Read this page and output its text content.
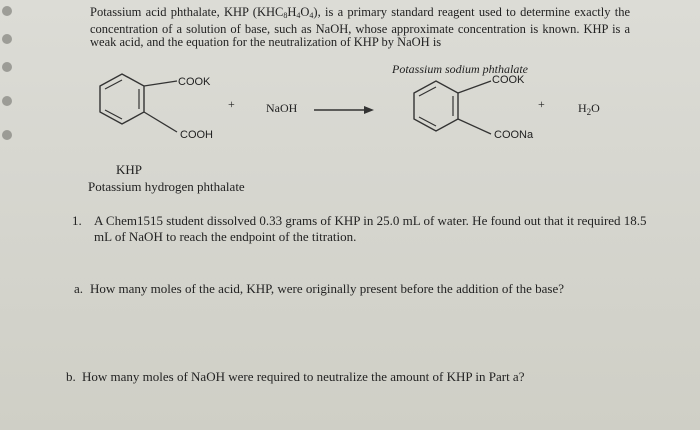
Potassium acid phthalate, KHP $(KHC_8H_4O_4)$, is a primary standard reagent used to determine exactly the concentration of a solution of base, such as NaOH, whose approximate concentration is known. KHP is a weak acid, and the equation for the neutralization of KHP by NaOH is
COOK
COOH
+	NaOH →
Potassium sodium phthalate
COOK
COONa
+	$H_2O$
KHP
Potassium hydrogen phthalate
1. A Chem1515 student dissolved 0.33 grams of KHP in 25.0 mL of water. He found out that it required 18.5 mL of NaOH to reach the endpoint of the titration.
a. How many moles of the acid, KHP, were originally present before the addition of the base?
b. How many moles of NaOH were required to neutralize the amount of KHP in Part a?
